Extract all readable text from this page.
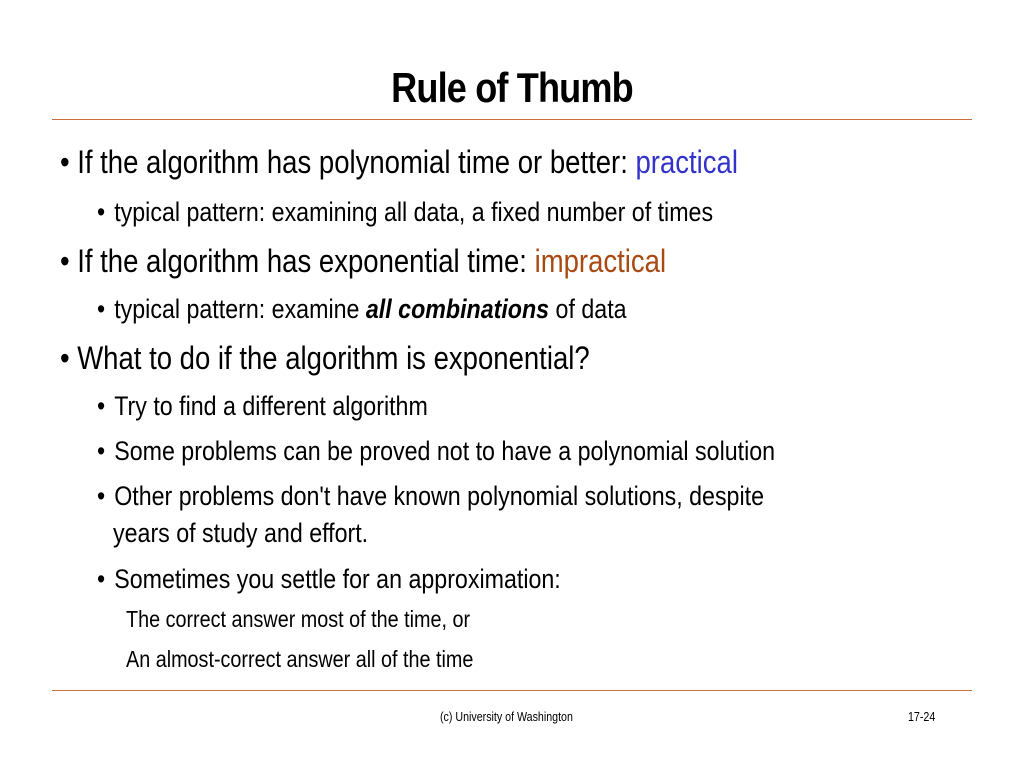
Rule of Thumb
• If the algorithm has polynomial time or better: practical
• typical pattern: examining all data, a fixed number of times
• If the algorithm has exponential time: impractical
• typical pattern: examine all combinations of data
• What to do if the algorithm is exponential?
• Try to find a different algorithm
• Some problems can be proved not to have a polynomial solution
• Other problems don't have known polynomial solutions, despite
years of study and effort.
• Sometimes you settle for an approximation:
The correct answer most of the time, or
An almost-correct answer all of the time
(c) University of Washington	17-24
